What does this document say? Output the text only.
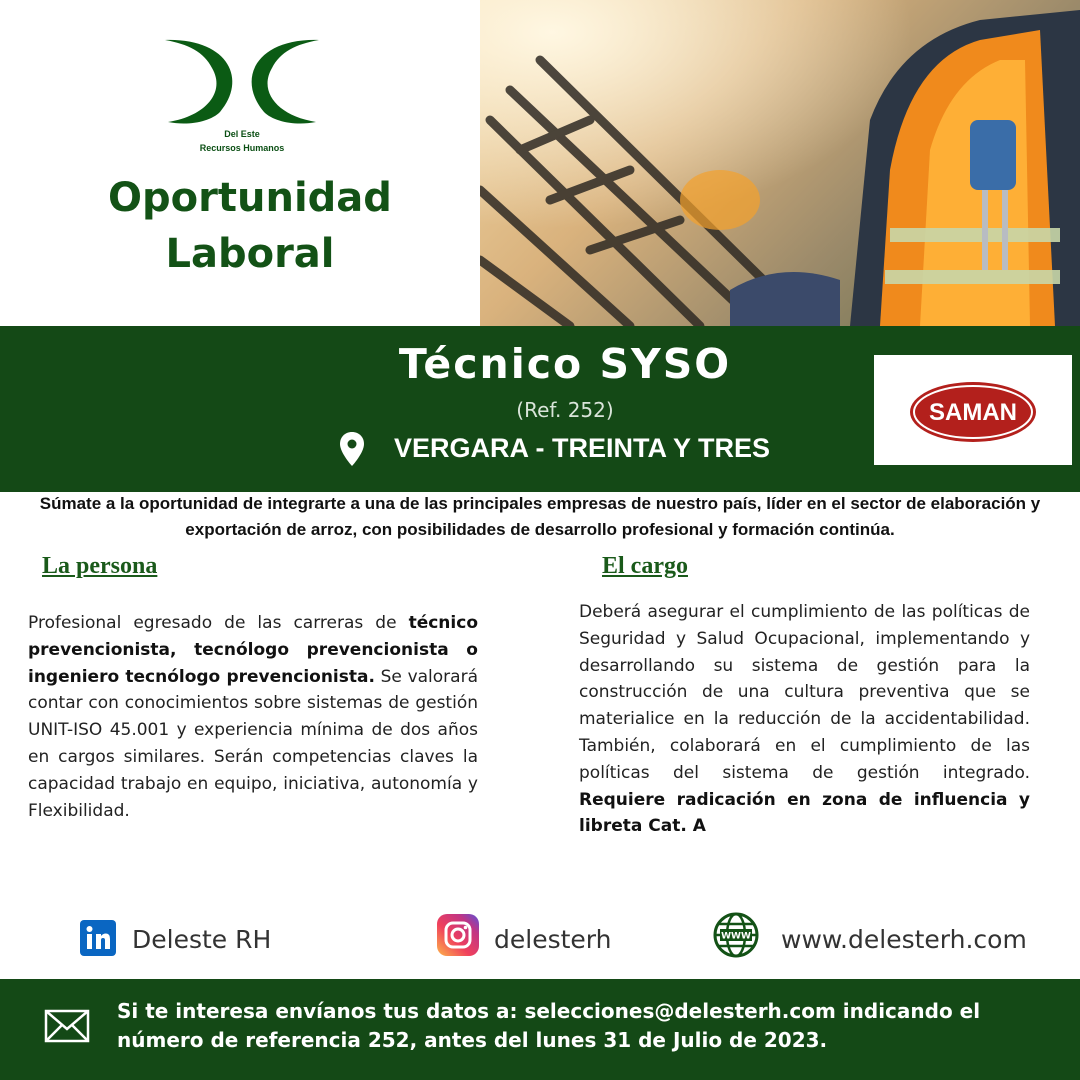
Del Este
Recursos Humanos
Oportunidad
Laboral
Técnico SYSO
(Ref. 252)
VERGARA - TREINTA Y TRES
SAMAN
Súmate a la oportunidad de integrarte a una de las principales empresas de nuestro país, líder en el sector de elaboración y exportación de arroz, con posibilidades de desarrollo profesional y formación continúa.
La persona	El cargo
Profesional egresado de las carreras de técnico prevencionista, tecnólogo prevencionista o ingeniero tecnólogo prevencionista. Se valorará contar con conocimientos sobre sistemas de gestión UNIT-ISO 45.001 y experiencia mínima de dos años en cargos similares. Serán competencias claves la capacidad trabajo en equipo, iniciativa, autonomía y Flexibilidad.
Deberá asegurar el cumplimiento de las políticas de Seguridad y Salud Ocupacional, implementando y desarrollando su sistema de gestión para la construcción de una cultura preventiva que se materialice en la reducción de la accidentabilidad. También, colaborará en el cumplimiento de las políticas del sistema de gestión integrado. Requiere radicación en zona de influencia y libreta Cat. A
Deleste RH	delesterh	WWW www.delesterh.com
Si te interesa envíanos tus datos a: selecciones@delesterh.com indicando el número de referencia 252, antes del lunes 31 de Julio de 2023.
